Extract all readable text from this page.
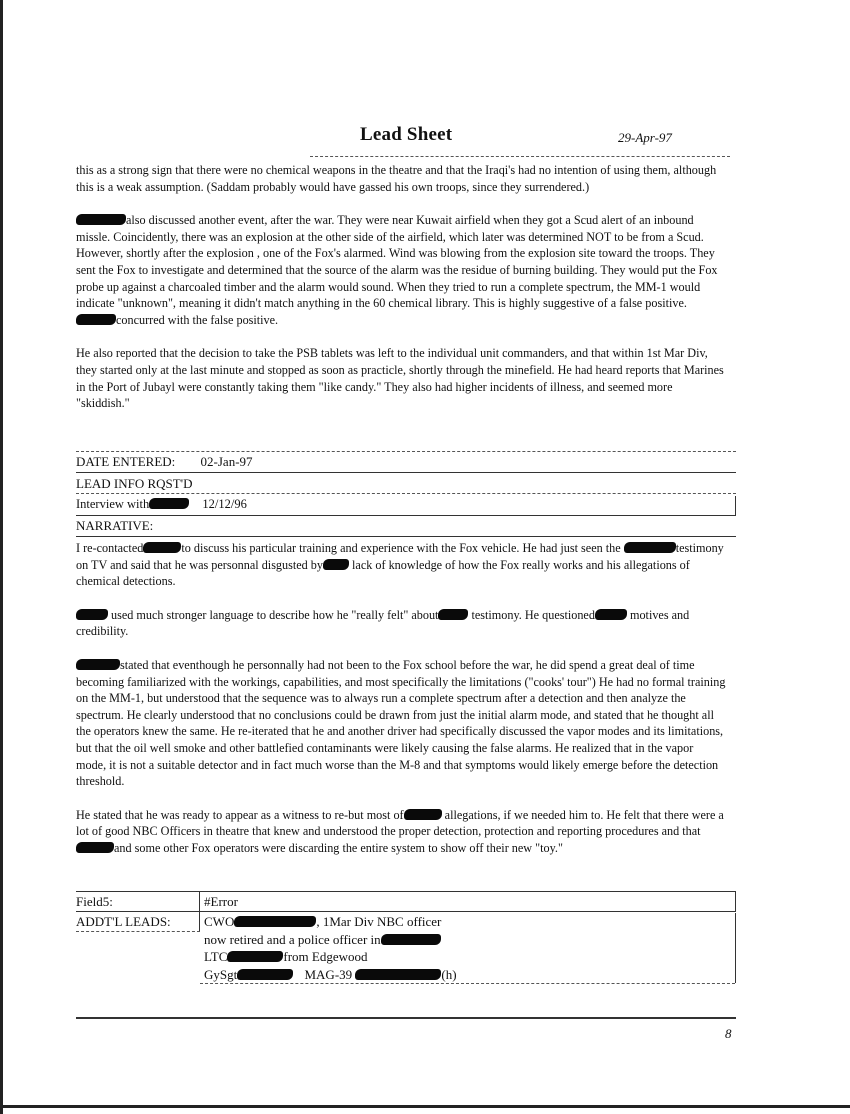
Lead Sheet	29-Apr-97

this as a strong sign that there were no chemical weapons in the theatre and that the Iraqi's had no intention of using them, although this is a weak assumption. (Saddam probably would have gassed his own troops, since they surrendered.)

also discussed another event, after the war. They were near Kuwait airfield when they got a Scud alert of an inbound missle. Coincidently, there was an explosion at the other side of the airfield, which later was determined NOT to be from a Scud. However, shortly after the explosion , one of the Fox's alarmed. Wind was blowing from the explosion site toward the troops. They sent the Fox to investigate and determined that the source of the alarm was the residue of burning building. They would put the Fox probe up against a charcoaled timber and the alarm would sound. When they tried to run a complete spectrum, the MM-1 would indicate "unknown", meaning it didn't match anything in the 60 chemical library. This is highly suggestive of a false positive. concurred with the false positive.

He also reported that the decision to take the PSB tablets was left to the individual unit commanders, and that within 1st Mar Div, they started only at the last minute and stopped as soon as practicle, shortly through the minefield. He had heard reports that Marines in the Port of Jubayl were constantly taking them "like candy." They also had higher incidents of illness, and seemed more "skiddish."

DATE ENTERED: 02-Jan-97
LEAD INFO RQST'D
Interview with	12/12/96
NARRATIVE:

I re-contacted	to discuss his particular training and experience with the Fox vehicle. He had just seen the	testimony on TV and said that he was personnal disgusted by lack of knowledge of how the Fox really works and his allegations of chemical detections.

used much stronger language to describe how he "really felt" about	testimony. He questioned	motives and credibility.

stated that eventhough he personnally had not been to the Fox school before the war, he did spend a great deal of time becoming familiarized with the workings, capabilities, and most specifically the limitations ("cooks' tour") He had no formal training on the MM-1, but understood that the sequence was to always run a complete spectrum after a detection and then analyze the spectrum. He clearly understood that no conclusions could be drawn from just the initial alarm mode, and stated that he thought all the operators knew the same. He re-iterated that he and another driver had specifically discussed the vapor modes and its limitations, but that the oil well smoke and other battlefied contaminants were likely causing the false alarms. He realized that in the vapor mode, it is not a suitable detector and in fact much worse than the M-8 and that symptoms would likely emerge before the detection threshold.

He stated that he was ready to appear as a witness to re-but most of	allegations, if we needed him to. He felt that there were a lot of good NBC Officers in theatre that knew and understood the proper detection, protection and reporting procedures and thatand some other Fox operators were discarding the entire system to show off their new "toy."

Field5:	#Error
ADDT'L LEADS:	CWO	, 1Mar Div NBC officer
now retired and a police officer in
LTC	from Edgewood
GySgt	MAG-39	(h)
8
